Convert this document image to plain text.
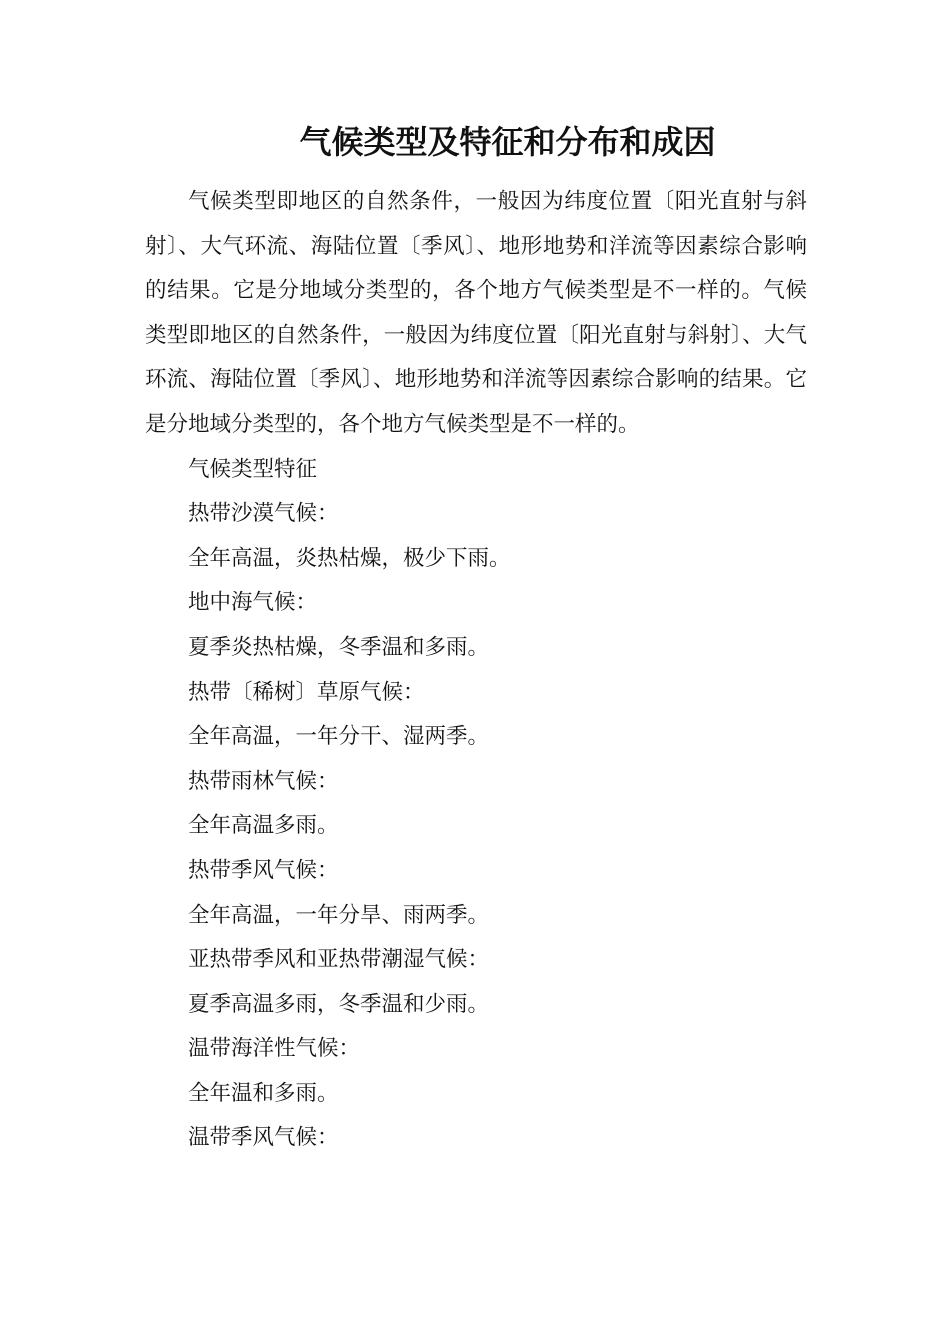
气候类型及特征和分布和成因

气候类型即地区的自然条件，一般因为纬度位置〔阳光直射与斜射〕、大气环流、海陆位置〔季风〕、地形地势和洋流等因素综合影响的结果。它是分地域分类型的，各个地方气候类型是不一样的。气候类型即地区的自然条件，一般因为纬度位置〔阳光直射与斜射〕、大气环流、海陆位置〔季风〕、地形地势和洋流等因素综合影响的结果。它是分地域分类型的，各个地方气候类型是不一样的。

气候类型特征

热带沙漠气候：

全年高温，炎热枯燥，极少下雨。

地中海气候：

夏季炎热枯燥，冬季温和多雨。

热带〔稀树〕草原气候：

全年高温，一年分干、湿两季。

热带雨林气候：

全年高温多雨。

热带季风气候：

全年高温，一年分旱、雨两季。

亚热带季风和亚热带潮湿气候：

夏季高温多雨，冬季温和少雨。

温带海洋性气候：

全年温和多雨。

温带季风气候：
